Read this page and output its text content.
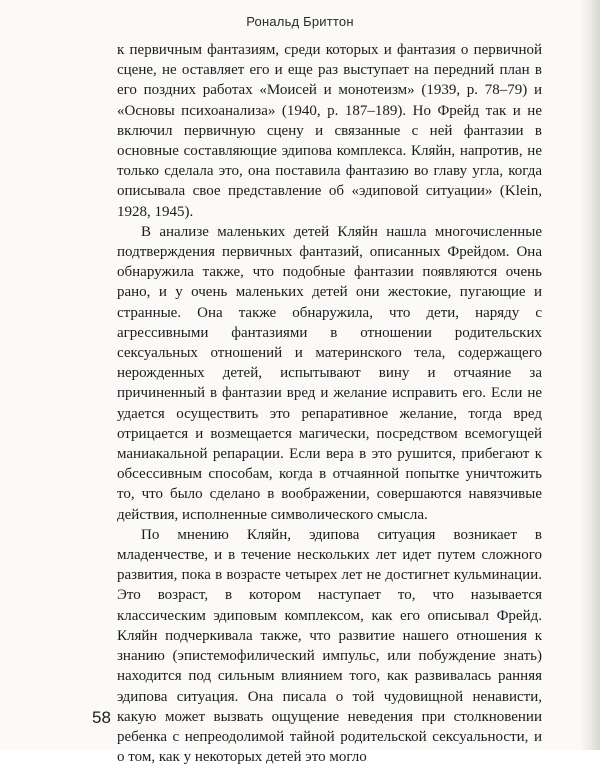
Рональд Бриттон

к первичным фантазиям, среди которых и фантазия о первичной сцене, не оставляет его и еще раз выступает на передний план в его поздних работах «Моисей и монотеизм» (1939, р. 78–79) и «Основы психоанализа» (1940, р. 187–189). Но Фрейд так и не включил первичную сцену и связанные с ней фантазии в основные составляющие эдипова комплекса. Кляйн, напротив, не только сделала это, она поставила фантазию во главу угла, когда описывала свое представление об «эдиповой ситуации» (Klein, 1928, 1945).

В анализе маленьких детей Кляйн нашла многочисленные подтверждения первичных фантазий, описанных Фрейдом. Она обнаружила также, что подобные фантазии появляются очень рано, и у очень маленьких детей они жестокие, пугающие и странные. Она также обнаружила, что дети, наряду с агрессивными фантазиями в отношении родительских сексуальных отношений и материнского тела, содержащего нерожденных детей, испытывают вину и отчаяние за причиненный в фантазии вред и желание исправить его. Если не удается осуществить это репаративное желание, тогда вред отрицается и возмещается магически, посредством всемогущей маниакальной репарации. Если вера в это рушится, прибегают к обсессивным способам, когда в отчаянной попытке уничтожить то, что было сделано в воображении, совершаются навязчивые действия, исполненные символического смысла.

По мнению Кляйн, эдипова ситуация возникает в младенчестве, и в течение нескольких лет идет путем сложного развития, пока в возрасте четырех лет не достигнет кульминации. Это возраст, в котором наступает то, что называется классическим эдиповым комплексом, как его описывал Фрейд. Кляйн подчеркивала также, что развитие нашего отношения к знанию (эпистемофилический импульс, или побуждение знать) находится под сильным влиянием того, как развивалась ранняя эдипова ситуация. Она писала о той чудовищной ненависти, какую может вызвать ощущение неведения при столкновении ребенка с непреодолимой тайной родительской сексуальности, и о том, как у некоторых детей это могло

58
